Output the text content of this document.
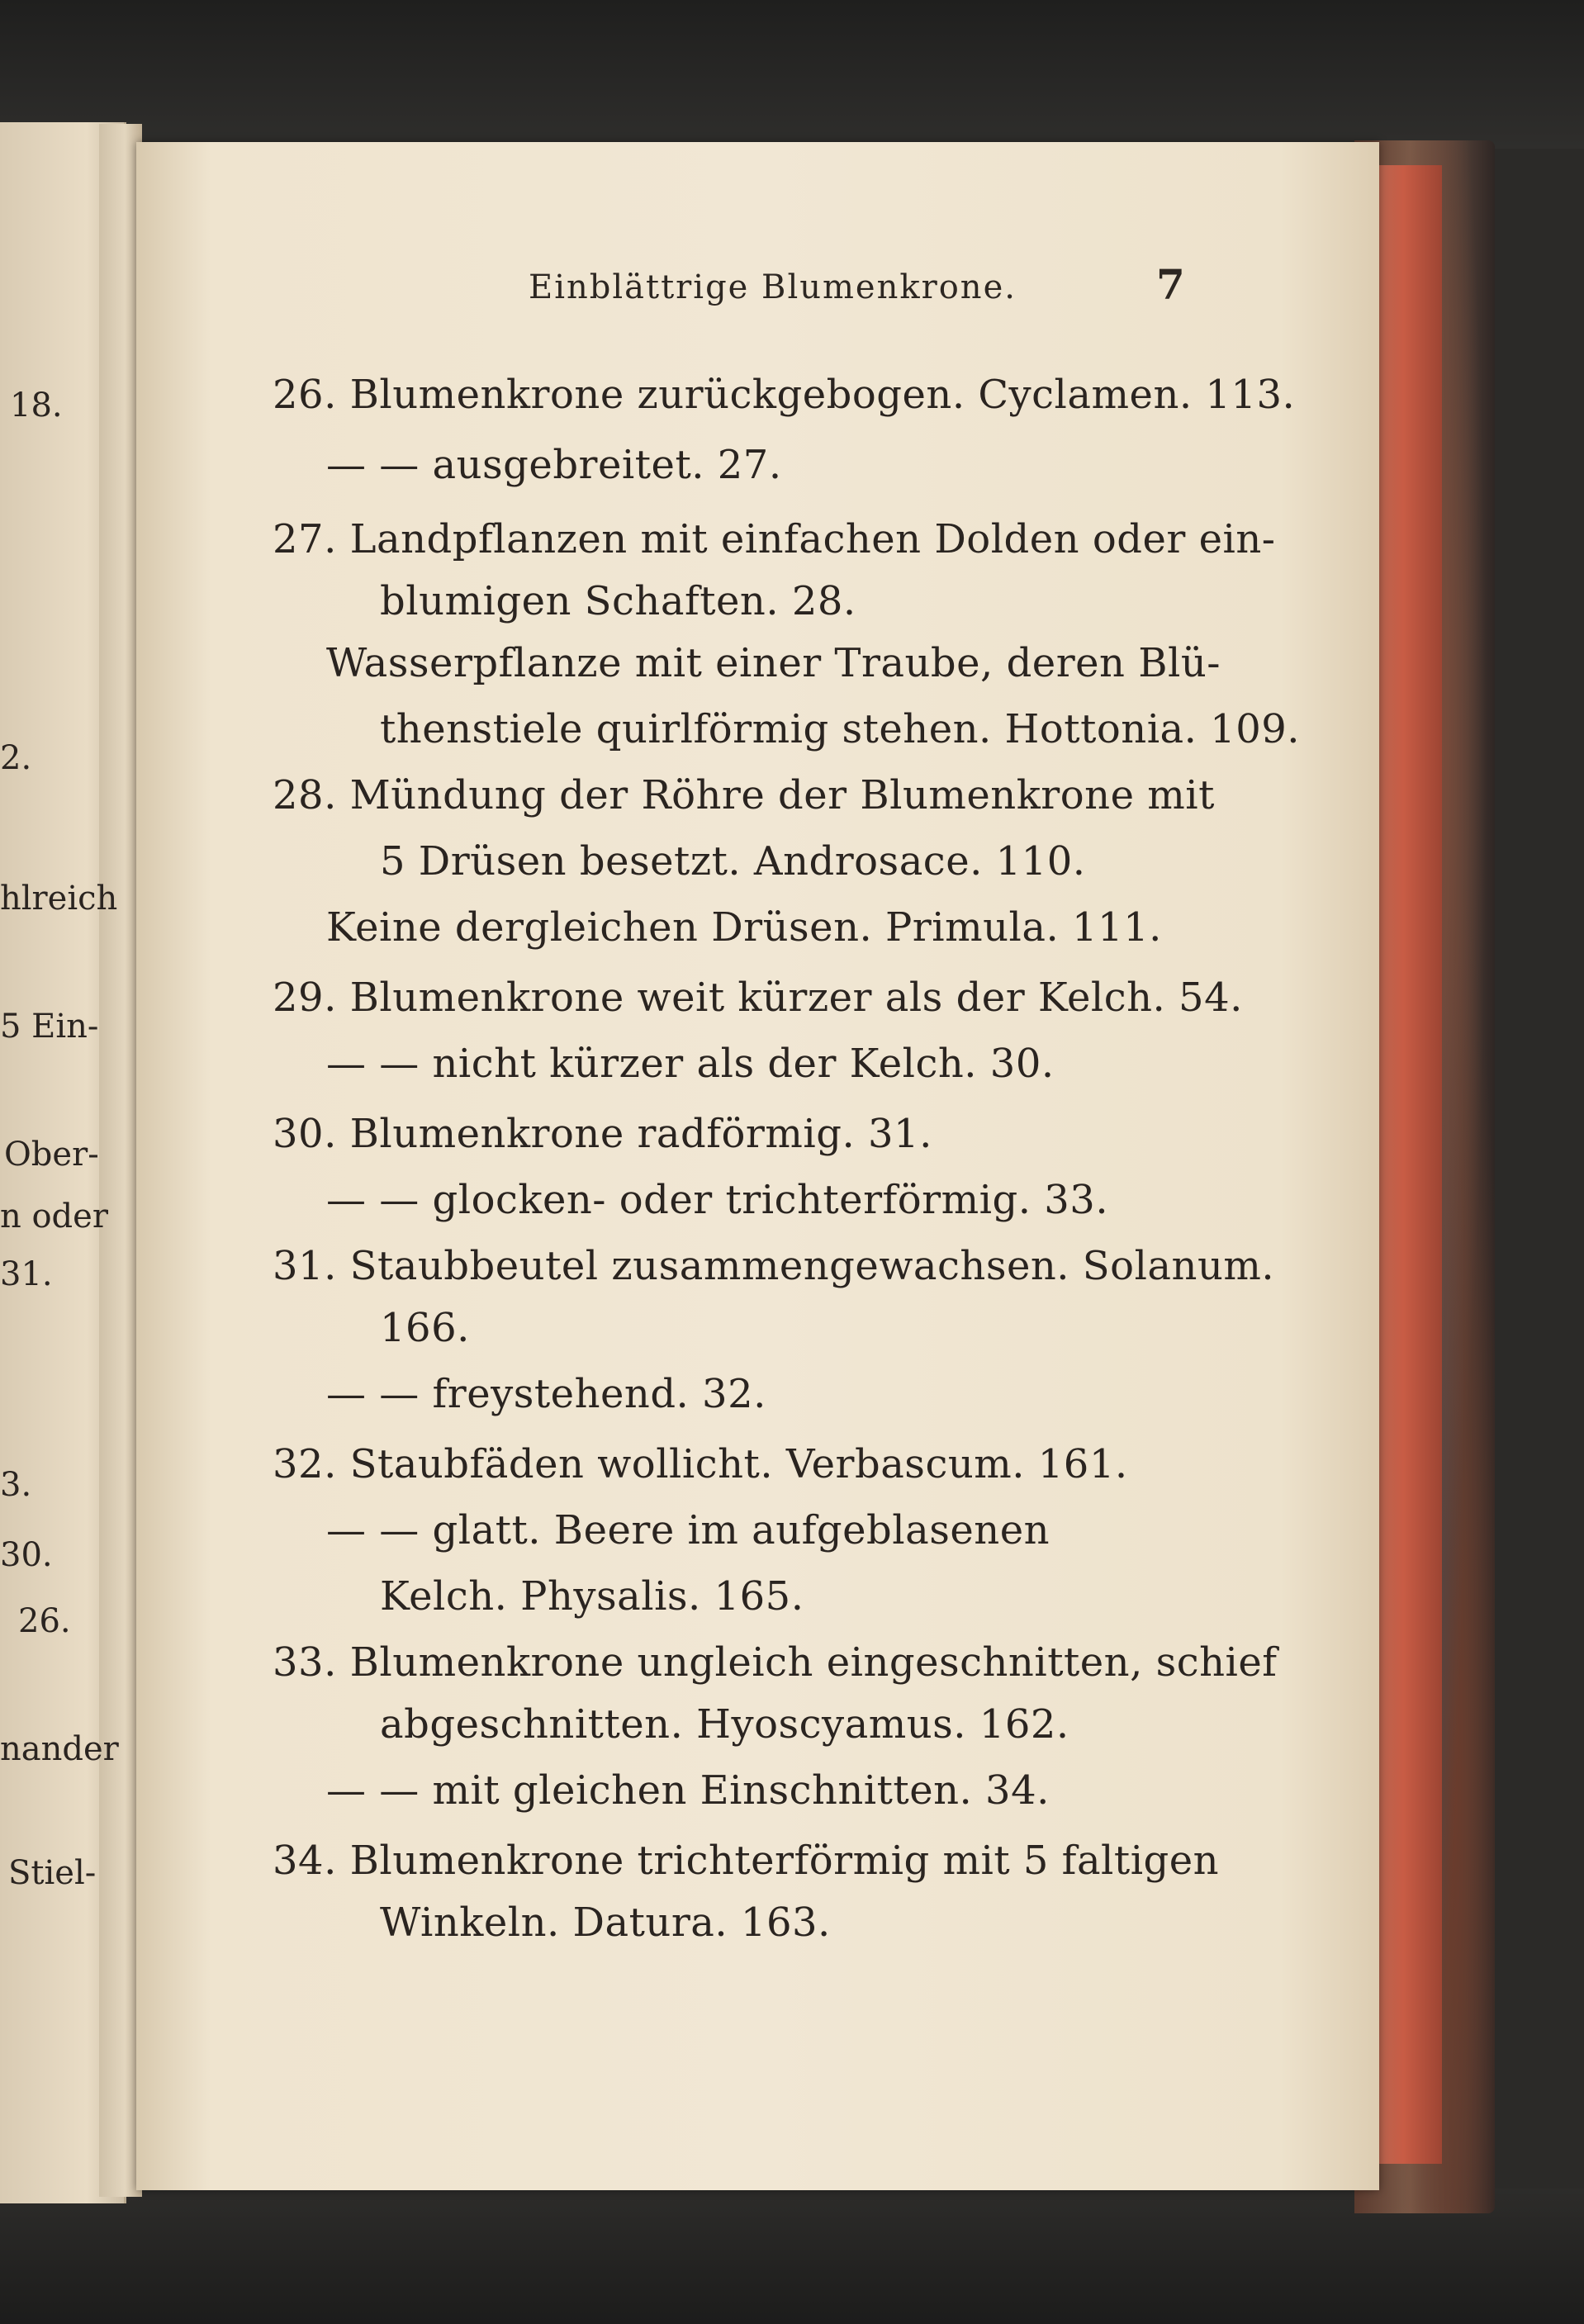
Einblättrige Blumenkrone.	7
26. Blumenkrone zurückgebogen. Cyclamen. 113.
— — ausgebreitet. 27.
27. Landpflanzen mit einfachen Dolden oder ein-
blumigen Schaften. 28.
Wasserpflanze mit einer Traube, deren Blü-
thenstiele quirlförmig stehen. Hottonia. 109.
28. Mündung der Röhre der Blumenkrone mit
5 Drüsen besetzt. Androsace. 110.
Keine dergleichen Drüsen. Primula. 111.
29. Blumenkrone weit kürzer als der Kelch. 54.
— — nicht kürzer als der Kelch. 30.
30. Blumenkrone radförmig. 31.
— — glocken- oder trichterförmig. 33.
31. Staubbeutel zusammengewachsen. Solanum.
166.
— — freystehend. 32.
32. Staubfäden wollicht. Verbascum. 161.
— — glatt. Beere im aufgeblasenen
Kelch. Physalis. 165.
33. Blumenkrone ungleich eingeschnitten, schief
abgeschnitten. Hyoscyamus. 162.
— — mit gleichen Einschnitten. 34.
34. Blumenkrone trichterförmig mit 5 faltigen
Winkeln. Datura. 163.
18.
2.
hlreich
5 Ein-
Ober-
n oder
31.
3.
30.
26.
nander
Stiel-
